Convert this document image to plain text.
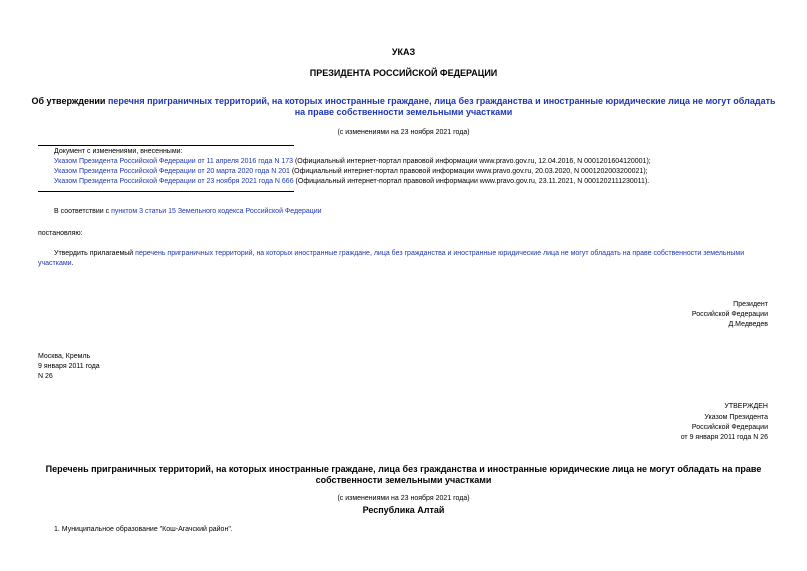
УКАЗ
ПРЕЗИДЕНТА РОССИЙСКОЙ ФЕДЕРАЦИИ
Об утверждении перечня приграничных территорий, на которых иностранные граждане, лица без гражданства и иностранные юридические лица не могут обладать
на праве собственности земельными участками
(с изменениями на 23 ноября 2021 года)
Документ с изменениями, внесенными:
Указом Президента Российской Федерации от 11 апреля 2016 года N 173 (Официальный интернет-портал правовой информации www.pravo.gov.ru, 12.04.2016, N 0001201604120001);
Указом Президента Российской Федерации от 20 марта 2020 года N 201 (Официальный интернет-портал правовой информации www.pravo.gov.ru, 20.03.2020, N 0001202003200021);
Указом Президента Российской Федерации от 23 ноября 2021 года N 666 (Официальный интернет-портал правовой информации www.pravo.gov.ru, 23.11.2021, N 0001202111230011).
В соответствии с пунктом 3 статьи 15 Земельного кодекса Российской Федерации
постановляю:
Утвердить прилагаемый перечень приграничных территорий, на которых иностранные граждане, лица без гражданства и иностранные юридические лица не могут обладать на праве собственности земельными
участками.
Президент
Российской Федерации
Д.Медведев
Москва, Кремль
9 января 2011 года
N 26
УТВЕРЖДЕН
Указом Президента
Российской Федерации
от 9 января 2011 года N 26
Перечень приграничных территорий, на которых иностранные граждане, лица без гражданства и иностранные юридические лица не могут обладать на праве
собственности земельными участками
(с изменениями на 23 ноября 2021 года)
Республика Алтай
1. Муниципальное образование "Кош-Агачский район".
